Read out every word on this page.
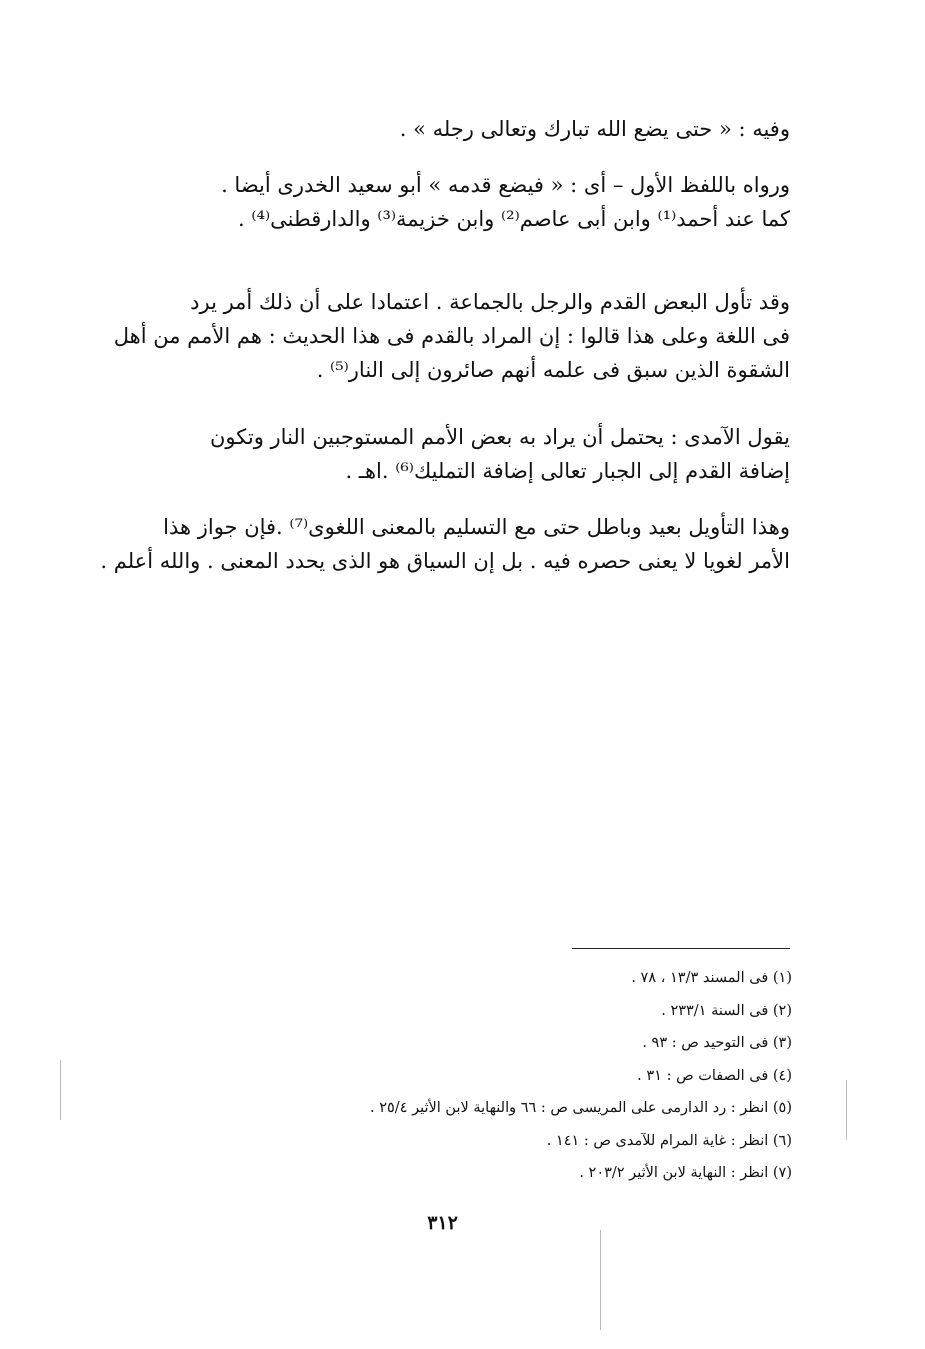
وفيه : « حتى يضع الله تبارك وتعالى رجله » .
ورواه باللفظ الأول – أى : « فيضع قدمه » أبو سعيد الخدرى أيضا .
كما عند أحمد⁽¹⁾ وابن أبى عاصم⁽²⁾ وابن خزيمة⁽³⁾ والدارقطنى⁽⁴⁾ .
وقد تأول البعض القدم والرجل بالجماعة . اعتمادا على أن ذلك أمر يرد
فى اللغة وعلى هذا قالوا : إن المراد بالقدم فى هذا الحديث : هم الأمم من أهل
الشقوة الذين سبق فى علمه أنهم صائرون إلى النار⁽⁵⁾ .
يقول الآمدى : يحتمل أن يراد به بعض الأمم المستوجبين النار وتكون
إضافة القدم إلى الجبار تعالى إضافة التمليك⁽⁶⁾ .اهـ .
وهذا التأويل بعيد وباطل حتى مع التسليم بالمعنى اللغوى⁽⁷⁾ .فإن جواز هذا
الأمر لغويا لا يعنى حصره فيه . بل إن السياق هو الذى يحدد المعنى . والله أعلم .
(١) فى المسند ١٣/٣ ، ٧٨ .
(٢) فى السنة ٢٣٣/١ .
(٣) فى التوحيد ص : ٩٣ .
(٤) فى الصفات ص : ٣١ .
(٥) انظر : رد الدارمى على المريسى ص : ٦٦ والنهاية لابن الأثير ٢٥/٤ .
(٦) انظر : غاية المرام للآمدى ص : ١٤١ .
(٧) انظر : النهاية لابن الأثير ٢٠٣/٢ .
٣١٢
